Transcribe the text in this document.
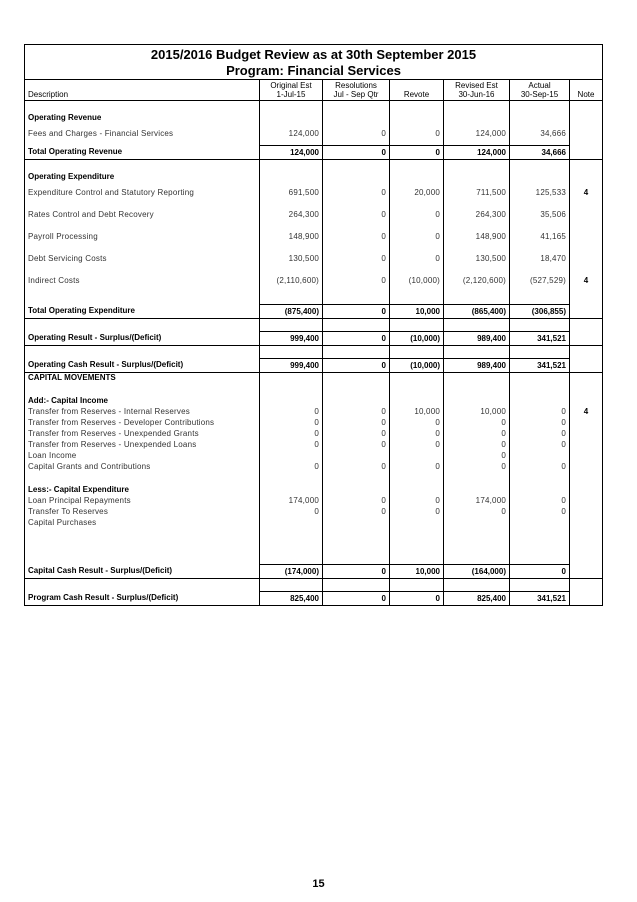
2015/2016 Budget Review as at 30th September 2015						
Program: Financial Services						
	Original Est	Resolutions		Revised Est	Actual	
Description	1-Jul-15	Jul - Sep Qtr	Revote	30-Jun-16	30-Sep-15	Note

Operating Revenue						
Fees and Charges - Financial Services	124,000	0	0	124,000	34,666	
Total Operating Revenue	124,000	0	0	124,000	34,666	

Operating Expenditure						
Expenditure Control and Statutory Reporting	691,500	0	20,000	711,500	125,533	4
Rates Control and Debt Recovery	264,300	0	0	264,300	35,506	
Payroll Processing	148,900	0	0	148,900	41,165	
Debt Servicing Costs	130,500	0	0	130,500	18,470	
Indirect Costs	(2,110,600)	0	(10,000)	(2,120,600)	(527,529)	4

Total Operating Expenditure	(875,400)	0	10,000	(865,400)	(306,855)	

Operating Result - Surplus/(Deficit)	999,400	0	(10,000)	989,400	341,521	

Operating Cash Result - Surplus/(Deficit)	999,400	0	(10,000)	989,400	341,521	
CAPITAL MOVEMENTS						

Add:- Capital Income						
Transfer from Reserves - Internal Reserves	0	0	10,000	10,000	0	4
Transfer from Reserves - Developer Contributions	0	0	0	0	0	
Transfer from Reserves - Unexpended Grants	0	0	0	0	0	
Transfer from Reserves - Unexpended Loans	0	0	0	0	0	
Loan Income				0		
Capital Grants and Contributions	0	0	0	0	0	

Less:- Capital Expenditure						
Loan Principal Repayments	174,000	0	0	174,000	0	
Transfer To Reserves	0	0	0	0	0	
Capital Purchases						

Capital Cash Result - Surplus/(Deficit)	(174,000)	0	10,000	(164,000)	0	

Program Cash Result - Surplus/(Deficit)	825,400	0	0	825,400	341,521	
15
